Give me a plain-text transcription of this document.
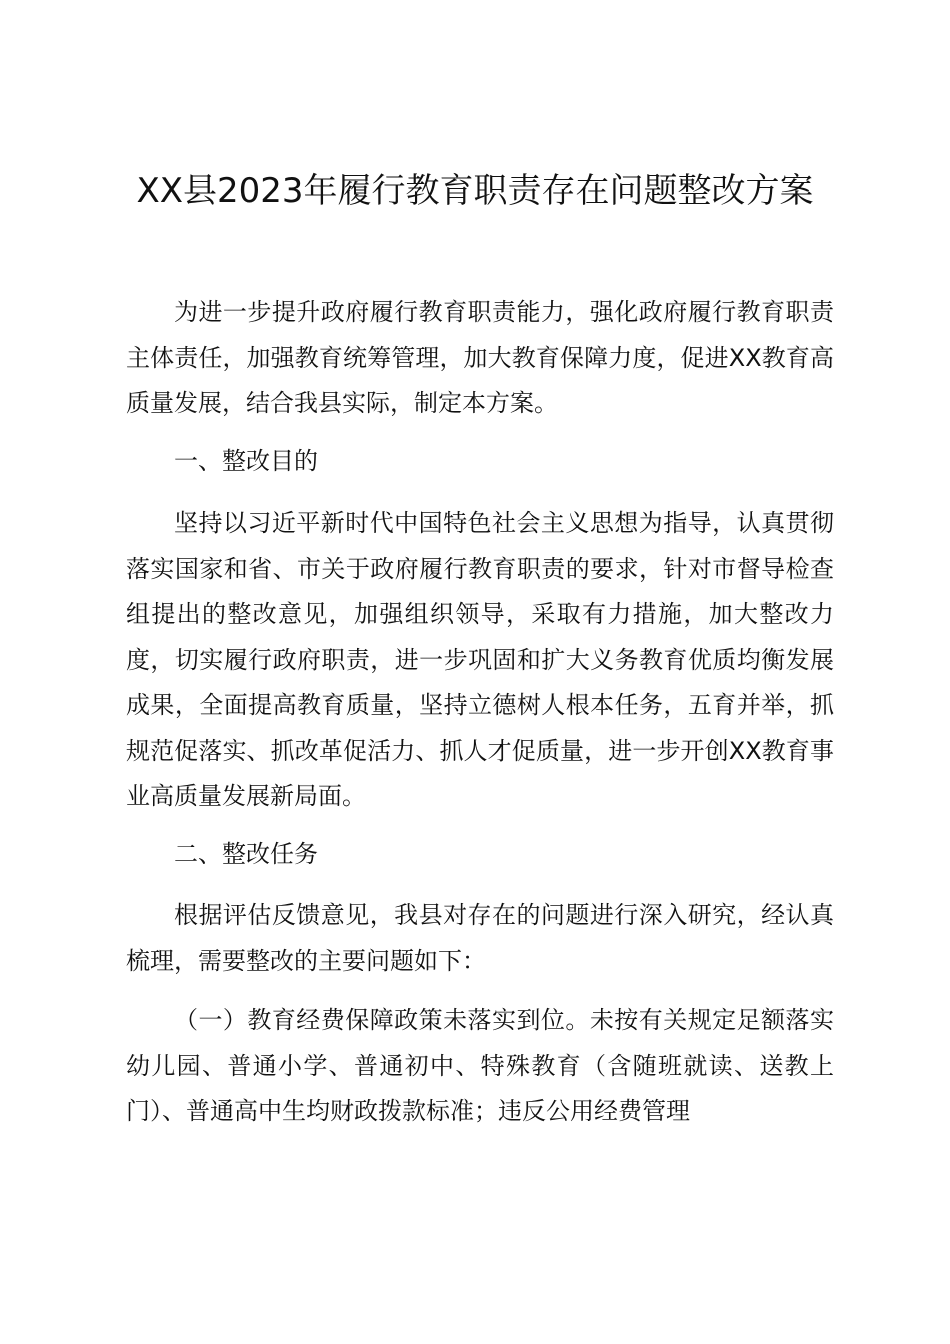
XX县2023年履行教育职责存在问题整改方案

为进一步提升政府履行教育职责能力，强化政府履行教育职责主体责任，加强教育统筹管理，加大教育保障力度，促进XX教育高质量发展，结合我县实际，制定本方案。

一、整改目的

坚持以习近平新时代中国特色社会主义思想为指导，认真贯彻落实国家和省、市关于政府履行教育职责的要求，针对市督导检查组提出的整改意见，加强组织领导，采取有力措施，加大整改力度，切实履行政府职责，进一步巩固和扩大义务教育优质均衡发展成果，全面提高教育质量，坚持立德树人根本任务，五育并举，抓规范促落实、抓改革促活力、抓人才促质量，进一步开创XX教育事业高质量发展新局面。

二、整改任务

根据评估反馈意见，我县对存在的问题进行深入研究，经认真梳理，需要整改的主要问题如下：

（一）教育经费保障政策未落实到位。未按有关规定足额落实幼儿园、普通小学、普通初中、特殊教育（含随班就读、送教上门）、普通高中生均财政拨款标准；违反公用经费管理
